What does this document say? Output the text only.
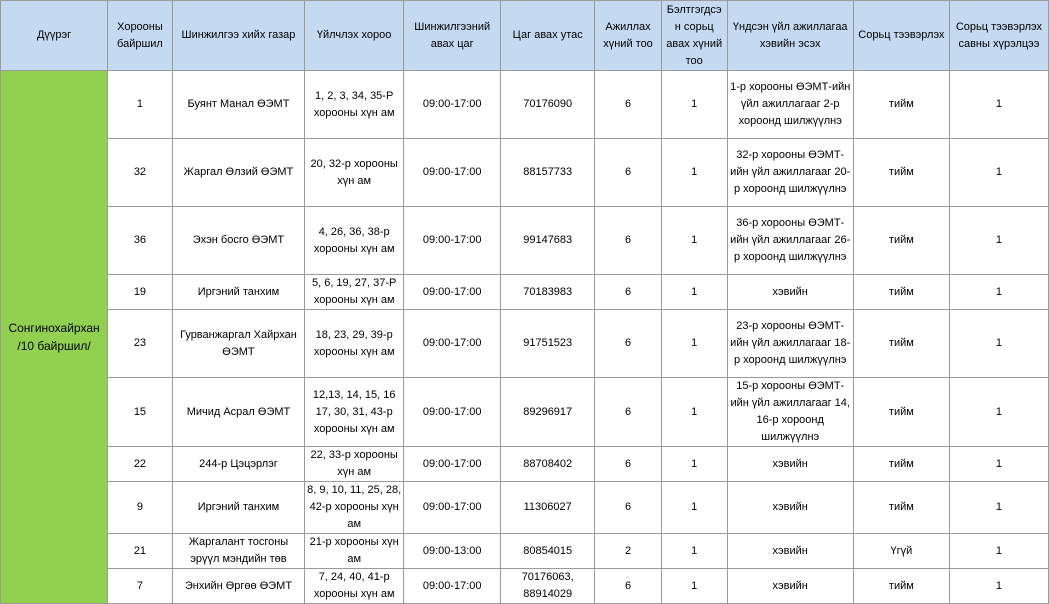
Дүүрэг	Хорооны байршил	Шинжилгээ хийх газар	Үйлчлэх хороо	Шинжилгээний авах цаг	Цаг авах утас	Ажиллах хүний тоо	Бэлтгэгдсэн сорьц авах хүний тоо	Үндсэн үйл ажиллагаа хэвийн эсэх	Сорьц тээвэрлэх	Сорьц тээвэрлэх савны хүрэлцээ
Сонгинохайрхан /10 байршил/	1	Буянт Манал ӨЭМТ	1, 2, 3, 34, 35-Р хорооны хүн ам	09:00-17:00	70176090	6	1	1-р хорооны ӨЭМТ-ийн үйл ажиллагааг 2-р хороонд шилжүүлнэ	тийм	1
	32	Жаргал Өлзий ӨЭМТ	20, 32-р хорооны хүн ам	09:00-17:00	88157733	6	1	32-р хорооны ӨЭМТ-ийн үйл ажиллагааг 20-р хороонд шилжүүлнэ	тийм	1
	36	Эхэн босго ӨЭМТ	4, 26, 36, 38-р хорооны хүн ам	09:00-17:00	99147683	6	1	36-р хорооны ӨЭМТ-ийн үйл ажиллагааг 26-р хороонд шилжүүлнэ	тийм	1
	19	Иргэний танхим	5, 6, 19, 27, 37-Р хорооны хүн ам	09:00-17:00	70183983	6	1	хэвийн	тийм	1
	23	Гурванжаргал Хайрхан ӨЭМТ	18, 23, 29, 39-р хорооны хүн ам	09:00-17:00	91751523	6	1	23-р хорооны ӨЭМТ-ийн үйл ажиллагааг 18-р хороонд шилжүүлнэ	тийм	1
	15	Мичид Асрал ӨЭМТ	12,13, 14, 15, 16 17, 30, 31, 43-р хорооны хүн ам	09:00-17:00	89296917	6	1	15-р хорооны ӨЭМТ-ийн үйл ажиллагааг 14, 16-р хороонд шилжүүлнэ	тийм	1
	22	244-р Цэцэрлэг	22, 33-р хорооны хүн ам	09:00-17:00	88708402	6	1	хэвийн	тийм	1
	9	Иргэний танхим	8, 9, 10, 11, 25, 28, 42-р хорооны хүн ам	09:00-17:00	11306027	6	1	хэвийн	тийм	1
	21	Жаргалант тосгоны эрүүл мэндийн төв	21-р хорооны хүн ам	09:00-13:00	80854015	2	1	хэвийн	Үгүй	1
	7	Энхийн Өргөө ӨЭМТ	7, 24, 40, 41-р хорооны хүн ам	09:00-17:00	70176063, 88914029	6	1	хэвийн	тийм	1
